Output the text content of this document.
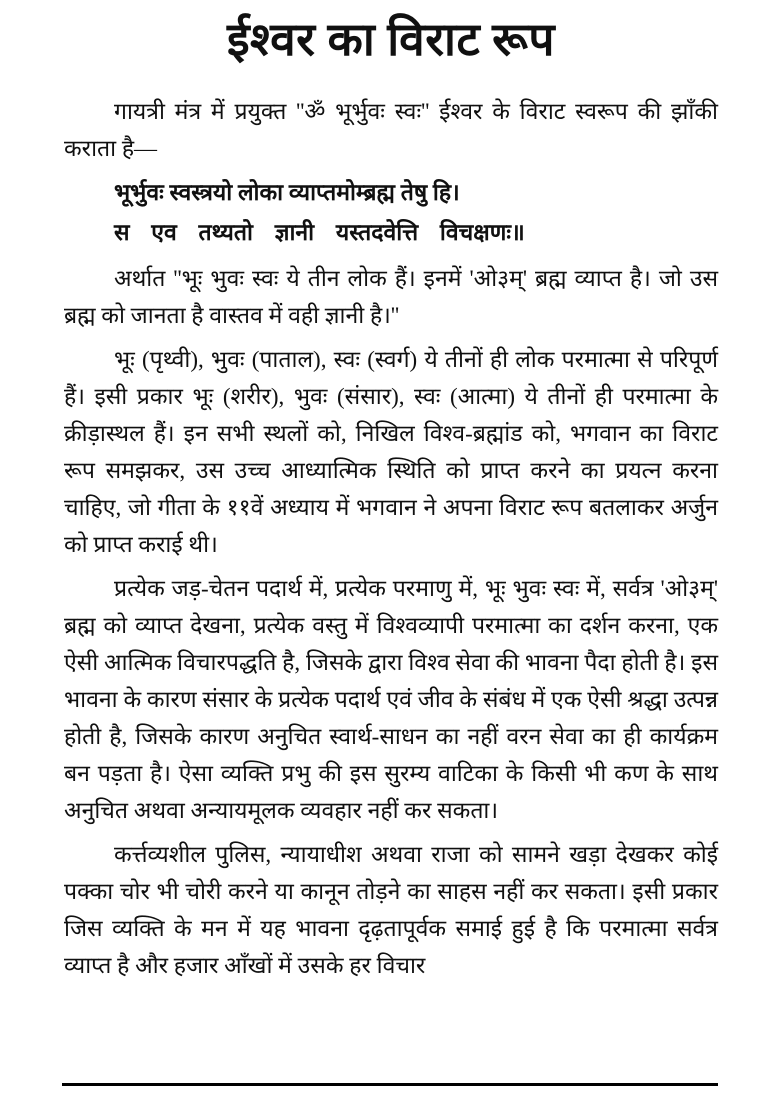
ईश्वर का विराट रूप

गायत्री मंत्र में प्रयुक्त ''ॐ भूर्भुवः स्वः'' ईश्वर के विराट स्वरूप की झाँकी कराता है—

भूर्भुवः स्वस्त्रयो लोका व्याप्तमोम्ब्रह्म तेषु हि।

स एव तथ्यतो ज्ञानी यस्तदवेत्ति विचक्षणः॥

अर्थात ''भूः भुवः स्वः ये तीन लोक हैं। इनमें 'ओ३म्' ब्रह्म व्याप्त है। जो उस ब्रह्म को जानता है वास्तव में वही ज्ञानी है।''

भूः (पृथ्वी), भुवः (पाताल), स्वः (स्वर्ग) ये तीनों ही लोक परमात्मा से परिपूर्ण हैं। इसी प्रकार भूः (शरीर), भुवः (संसार), स्वः (आत्मा) ये तीनों ही परमात्मा के क्रीड़ास्थल हैं। इन सभी स्थलों को, निखिल विश्व-ब्रह्मांड को, भगवान का विराट रूप समझकर, उस उच्च आध्यात्मिक स्थिति को प्राप्त करने का प्रयत्न करना चाहिए, जो गीता के ११वें अध्याय में भगवान ने अपना विराट रूप बतलाकर अर्जुन को प्राप्त कराई थी।

प्रत्येक जड़-चेतन पदार्थ में, प्रत्येक परमाणु में, भूः भुवः स्वः में, सर्वत्र 'ओ३म्' ब्रह्म को व्याप्त देखना, प्रत्येक वस्तु में विश्वव्यापी परमात्मा का दर्शन करना, एक ऐसी आत्मिक विचारपद्धति है, जिसके द्वारा विश्व सेवा की भावना पैदा होती है। इस भावना के कारण संसार के प्रत्येक पदार्थ एवं जीव के संबंध में एक ऐसी श्रद्धा उत्पन्न होती है, जिसके कारण अनुचित स्वार्थ-साधन का नहीं वरन सेवा का ही कार्यक्रम बन पड़ता है। ऐसा व्यक्ति प्रभु की इस सुरम्य वाटिका के किसी भी कण के साथ अनुचित अथवा अन्यायमूलक व्यवहार नहीं कर सकता।

कर्त्तव्यशील पुलिस, न्यायाधीश अथवा राजा को सामने खड़ा देखकर कोई पक्का चोर भी चोरी करने या कानून तोड़ने का साहस नहीं कर सकता। इसी प्रकार जिस व्यक्ति के मन में यह भावना दृढ़तापूर्वक समाई हुई है कि परमात्मा सर्वत्र व्याप्त है और हजार आँखों में उसके हर विचार
